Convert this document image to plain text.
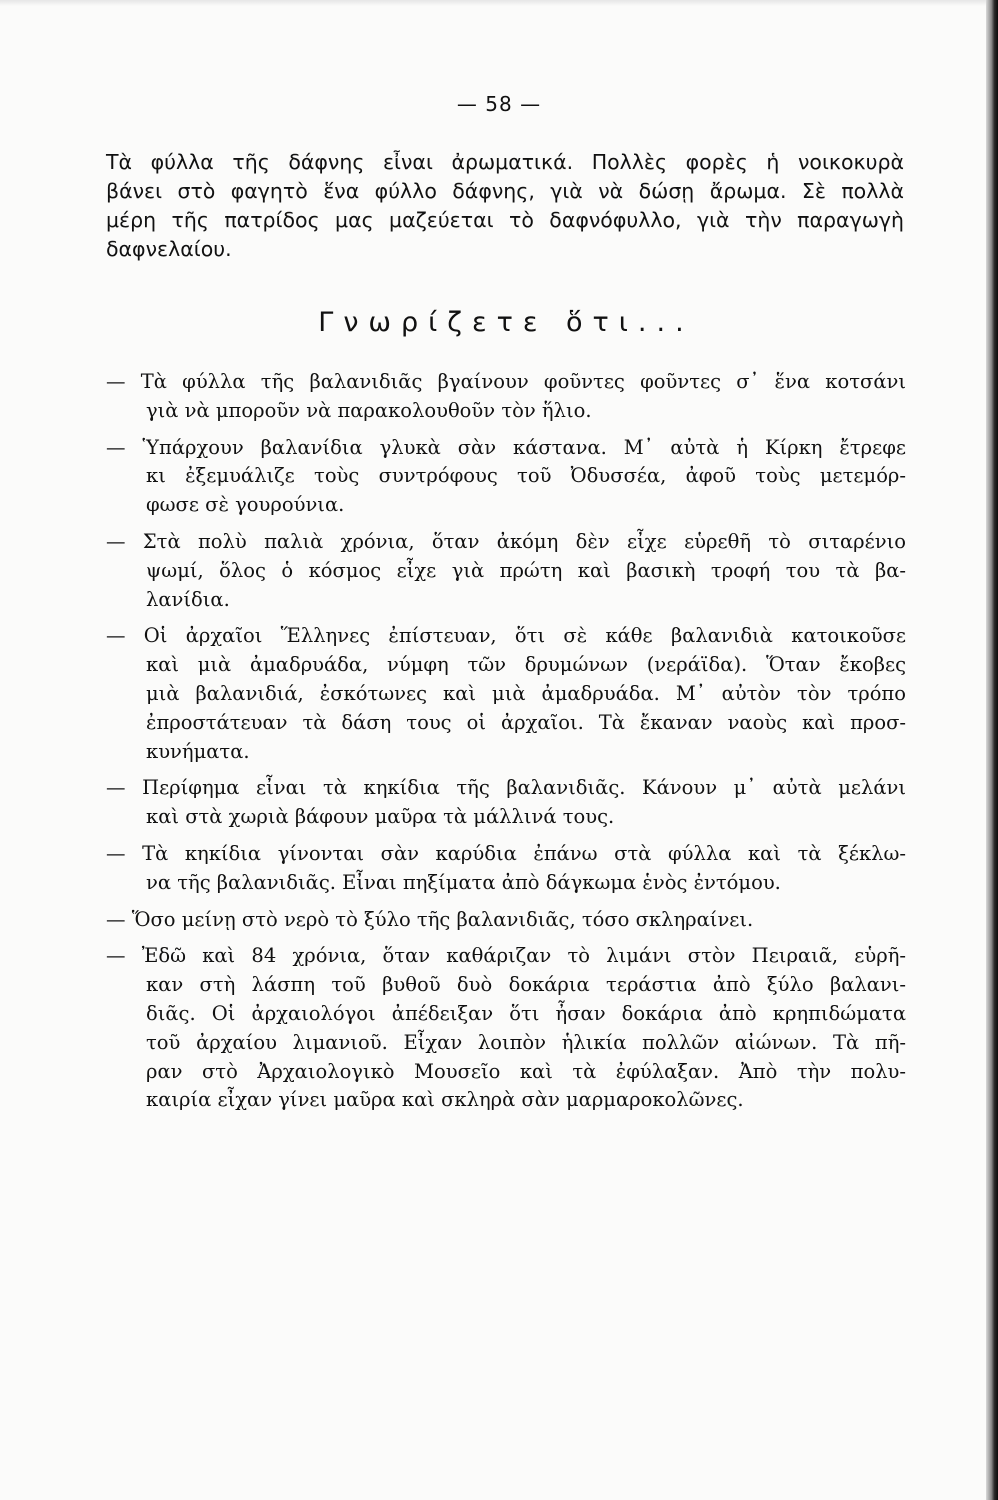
— 58 —
Τὰ φύλλα τῆς δάφνης εἶναι ἀρωματικά. Πολλὲς φορὲς ἡ νοικοκυρὰ
βάνει στὸ φαγητὸ ἕνα φύλλο δάφνης, γιὰ νὰ δώσῃ ἄρωμα. Σὲ πολλὰ
μέρη τῆς πατρίδος μας μαζεύεται τὸ δαφνόφυλλο, γιὰ τὴν παραγωγὴ
δαφνελαίου.
Γνωρίζετε ὅτι...
— Τὰ φύλλα τῆς βαλανιδιᾶς βγαίνουν φοῦντες φοῦντες σ᾿ ἕνα κοτσάνι
γιὰ νὰ μποροῦν νὰ παρακολουθοῦν τὸν ἥλιο.
— Ὑπάρχουν βαλανίδια γλυκὰ σὰν κάστανα. Μ᾿ αὐτὰ ἡ Κίρκη ἔτρεφε
κι ἐξεμυάλιζε τοὺς συντρόφους τοῦ Ὀδυσσέα, ἀφοῦ τοὺς μετεμόρ-
φωσε σὲ γουρούνια.
— Στὰ πολὺ παλιὰ χρόνια, ὅταν ἀκόμη δὲν εἶχε εὑρεθῆ τὸ σιταρένιο
ψωμί, ὅλος ὁ κόσμος εἶχε γιὰ πρώτη καὶ βασικὴ τροφή του τὰ βα-
λανίδια.
— Οἱ ἀρχαῖοι Ἕλληνες ἐπίστευαν, ὅτι σὲ κάθε βαλανιδιὰ κατοικοῦσε
καὶ μιὰ ἀμαδρυάδα, νύμφη τῶν δρυμώνων (νεράϊδα). Ὅταν ἔκοβες
μιὰ βαλανιδιά, ἐσκότωνες καὶ μιὰ ἀμαδρυάδα. Μ᾿ αὐτὸν τὸν τρόπο
ἐπροστάτευαν τὰ δάση τους οἱ ἀρχαῖοι. Τὰ ἔκαναν ναοὺς καὶ προσ-
κυνήματα.
— Περίφημα εἶναι τὰ κηκίδια τῆς βαλανιδιᾶς. Κάνουν μ᾿ αὐτὰ μελάνι
καὶ στὰ χωριὰ βάφουν μαῦρα τὰ μάλλινά τους.
— Τὰ κηκίδια γίνονται σὰν καρύδια ἐπάνω στὰ φύλλα καὶ τὰ ξέκλω-
να τῆς βαλανιδιᾶς. Εἶναι πηξίματα ἀπὸ δάγκωμα ἑνὸς ἐντόμου.
— Ὅσο μείνῃ στὸ νερὸ τὸ ξύλο τῆς βαλανιδιᾶς, τόσο σκληραίνει.
— Ἐδῶ καὶ 84 χρόνια, ὅταν καθάριζαν τὸ λιμάνι στὸν Πειραιᾶ, εὑρῆ-
καν στὴ λάσπη τοῦ βυθοῦ δυὸ δοκάρια τεράστια ἀπὸ ξύλο βαλανι-
διᾶς. Οἱ ἀρχαιολόγοι ἀπέδειξαν ὅτι ἦσαν δοκάρια ἀπὸ κρηπιδώματα
τοῦ ἀρχαίου λιμανιοῦ. Εἶχαν λοιπὸν ἡλικία πολλῶν αἰώνων. Τὰ πῆ-
ραν στὸ Ἀρχαιολογικὸ Μουσεῖο καὶ τὰ ἐφύλαξαν. Ἀπὸ τὴν πολυ-
καιρία εἶχαν γίνει μαῦρα καὶ σκληρὰ σὰν μαρμαροκολῶνες.
